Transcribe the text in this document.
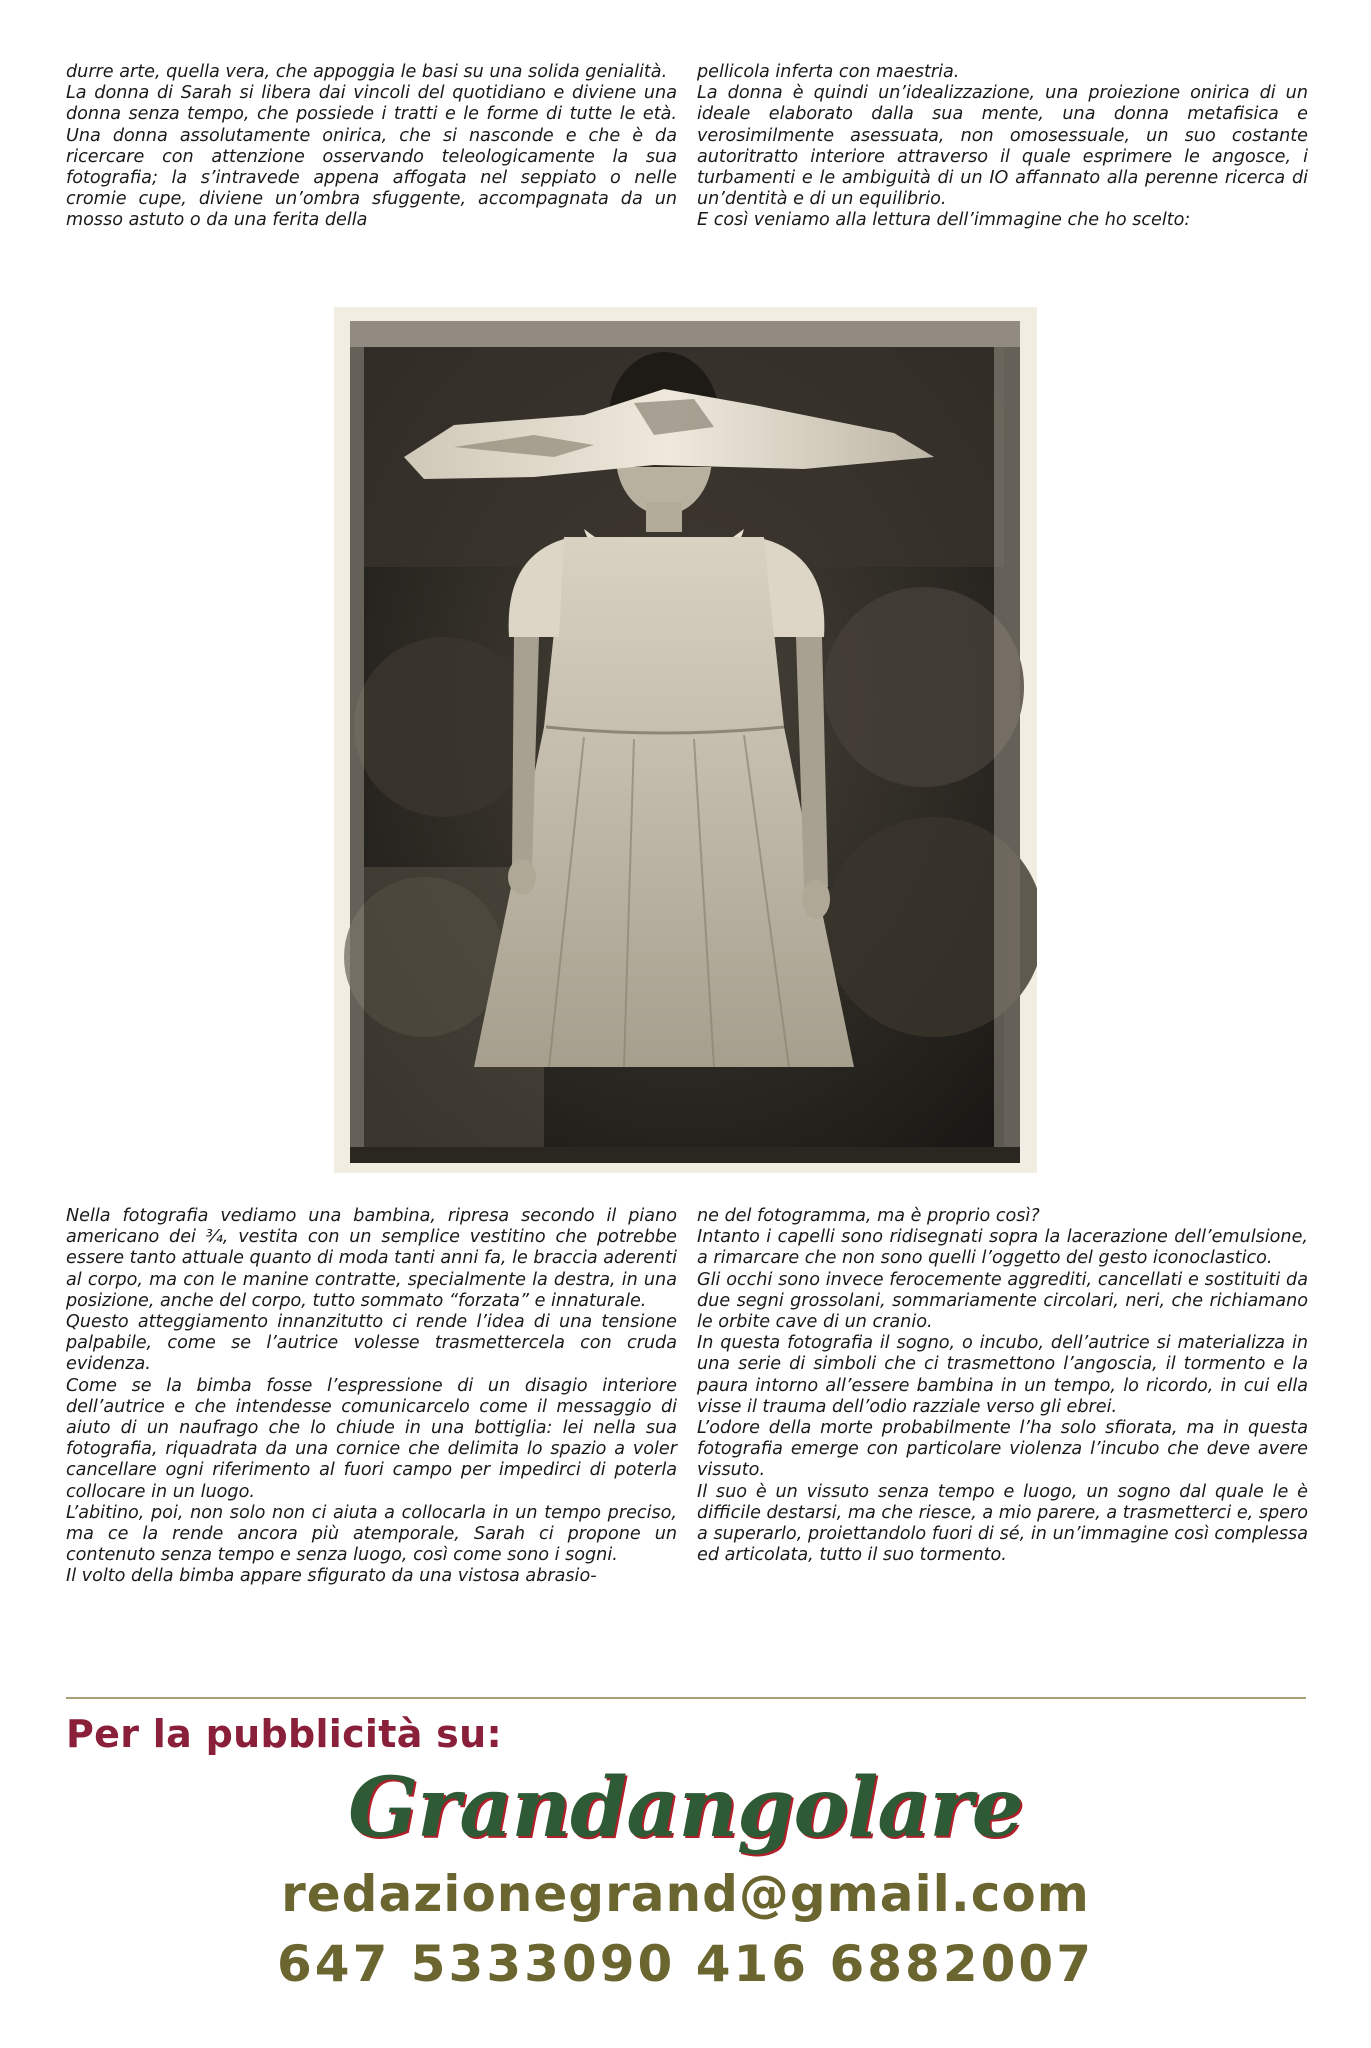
durre arte, quella vera, che appoggia le basi su una solida genialità.

La donna di Sarah si libera dai vincoli del quotidiano e diviene una donna senza tempo, che possiede i tratti e le forme di tutte le età. Una donna assolutamente onirica, che si nasconde e che è da ricercare con attenzione osservando teleologicamente la sua fotografia; la s’intravede appena affogata nel seppiato o nelle cromie cupe, diviene un’ombra sfuggente, accompagnata da un mosso astuto o da una ferita della

pellicola inferta con maestria.

La donna è quindi un’idealizzazione, una proiezione onirica di un ideale elaborato dalla sua mente, una donna metafisica e verosimilmente asessuata, non omosessuale, un suo costante autoritratto interiore attraverso il quale esprimere le angosce, i turbamenti e le ambiguità di un IO affannato alla perenne ricerca di un’dentità e di un equilibrio.

E così veniamo alla lettura dell’immagine che ho scelto:

Nella fotografia vediamo una bambina, ripresa secondo il piano americano dei ¾, vestita con un semplice vestitino che potrebbe essere tanto attuale quanto di moda tanti anni fa, le braccia aderenti al corpo, ma con le manine contratte, specialmente la destra, in una posizione, anche del corpo, tutto sommato “forzata” e innaturale.

Questo atteggiamento innanzitutto ci rende l’idea di una tensione palpabile, come se l’autrice volesse trasmettercela con cruda evidenza.

Come se la bimba fosse l’espressione di un disagio interiore dell’autrice e che intendesse comunicarcelo come il messaggio di aiuto di un naufrago che lo chiude in una bottiglia: lei nella sua fotografia, riquadrata da una cornice che delimita lo spazio a voler cancellare ogni riferimento al fuori campo per impedirci di poterla collocare in un luogo.

L’abitino, poi, non solo non ci aiuta a collocarla in un tempo preciso, ma ce la rende ancora più atemporale, Sarah ci propone un contenuto senza tempo e senza luogo, così come sono i sogni.

Il volto della bimba appare sfigurato da una vistosa abrasio-

ne del fotogramma, ma è proprio così?

Intanto i capelli sono ridisegnati sopra la lacerazione dell’emulsione, a rimarcare che non sono quelli l’oggetto del gesto iconoclastico.

Gli occhi sono invece ferocemente aggrediti, cancellati e sostituiti da due segni grossolani, sommariamente circolari, neri, che richiamano le orbite cave di un cranio.

In questa fotografia il sogno, o incubo, dell’autrice si materializza in una serie di simboli che ci trasmettono l’angoscia, il tormento e la paura intorno all’essere bambina in un tempo, lo ricordo, in cui ella visse il trauma dell’odio razziale verso gli ebrei.

L’odore della morte probabilmente l’ha solo sfiorata, ma in questa fotografia emerge con particolare violenza l’incubo che deve avere vissuto.

Il suo è un vissuto senza tempo e luogo, un sogno dal quale le è difficile destarsi, ma che riesce, a mio parere, a trasmetterci e, spero a superarlo, proiettandolo fuori di sé, in un’immagine così complessa ed articolata, tutto il suo tormento.

Per la pubblicità su:
Grandangolare
redazionegrand@gmail.com
647 5333090 416 6882007
